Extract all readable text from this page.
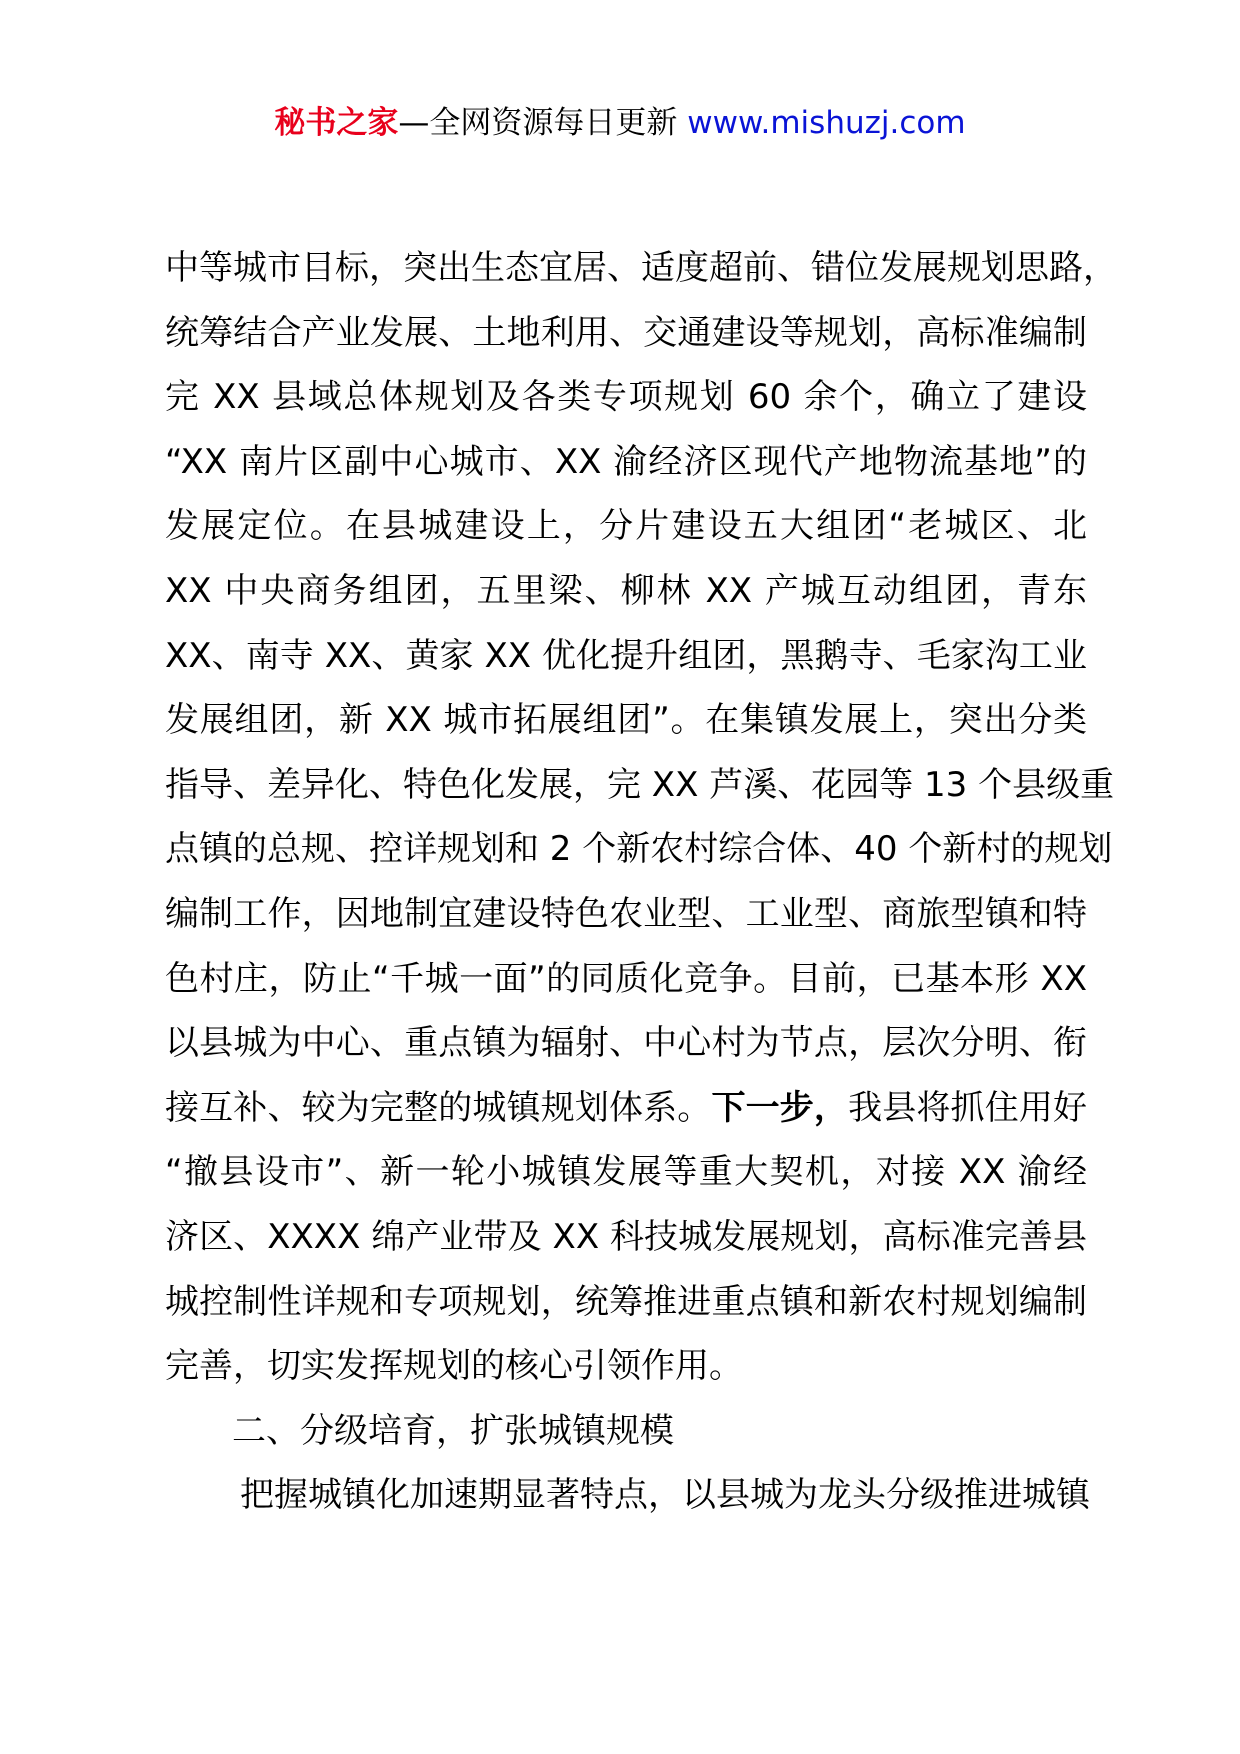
秘书之家—全网资源每日更新 www.mishuzj.com
中等城市目标，突出生态宜居、适度超前、错位发展规划思路，
统筹结合产业发展、土地利用、交通建设等规划，高标准编制
完 XX 县域总体规划及各类专项规划 60 余个，确立了建设
“XX 南片区副中心城市、XX 渝经济区现代产地物流基地”的
发展定位。在县城建设上，分片建设五大组团“老城区、北
XX 中央商务组团，五里梁、柳林 XX 产城互动组团，青东
XX、南寺 XX、黄家 XX 优化提升组团，黑鹅寺、毛家沟工业
发展组团，新 XX 城市拓展组团”。在集镇发展上，突出分类
指导、差异化、特色化发展，完 XX 芦溪、花园等 13 个县级重
点镇的总规、控详规划和 2 个新农村综合体、40 个新村的规划
编制工作，因地制宜建设特色农业型、工业型、商旅型镇和特
色村庄，防止“千城一面”的同质化竞争。目前，已基本形 XX
以县城为中心、重点镇为辐射、中心村为节点，层次分明、衔
接互补、较为完整的城镇规划体系。下一步，我县将抓住用好
“撤县设市”、新一轮小城镇发展等重大契机，对接 XX 渝经
济区、XXXX 绵产业带及 XX 科技城发展规划，高标准完善县
城控制性详规和专项规划，统筹推进重点镇和新农村规划编制
完善，切实发挥规划的核心引领作用。
二、分级培育，扩张城镇规模
把握城镇化加速期显著特点，以县城为龙头分级推进城镇
